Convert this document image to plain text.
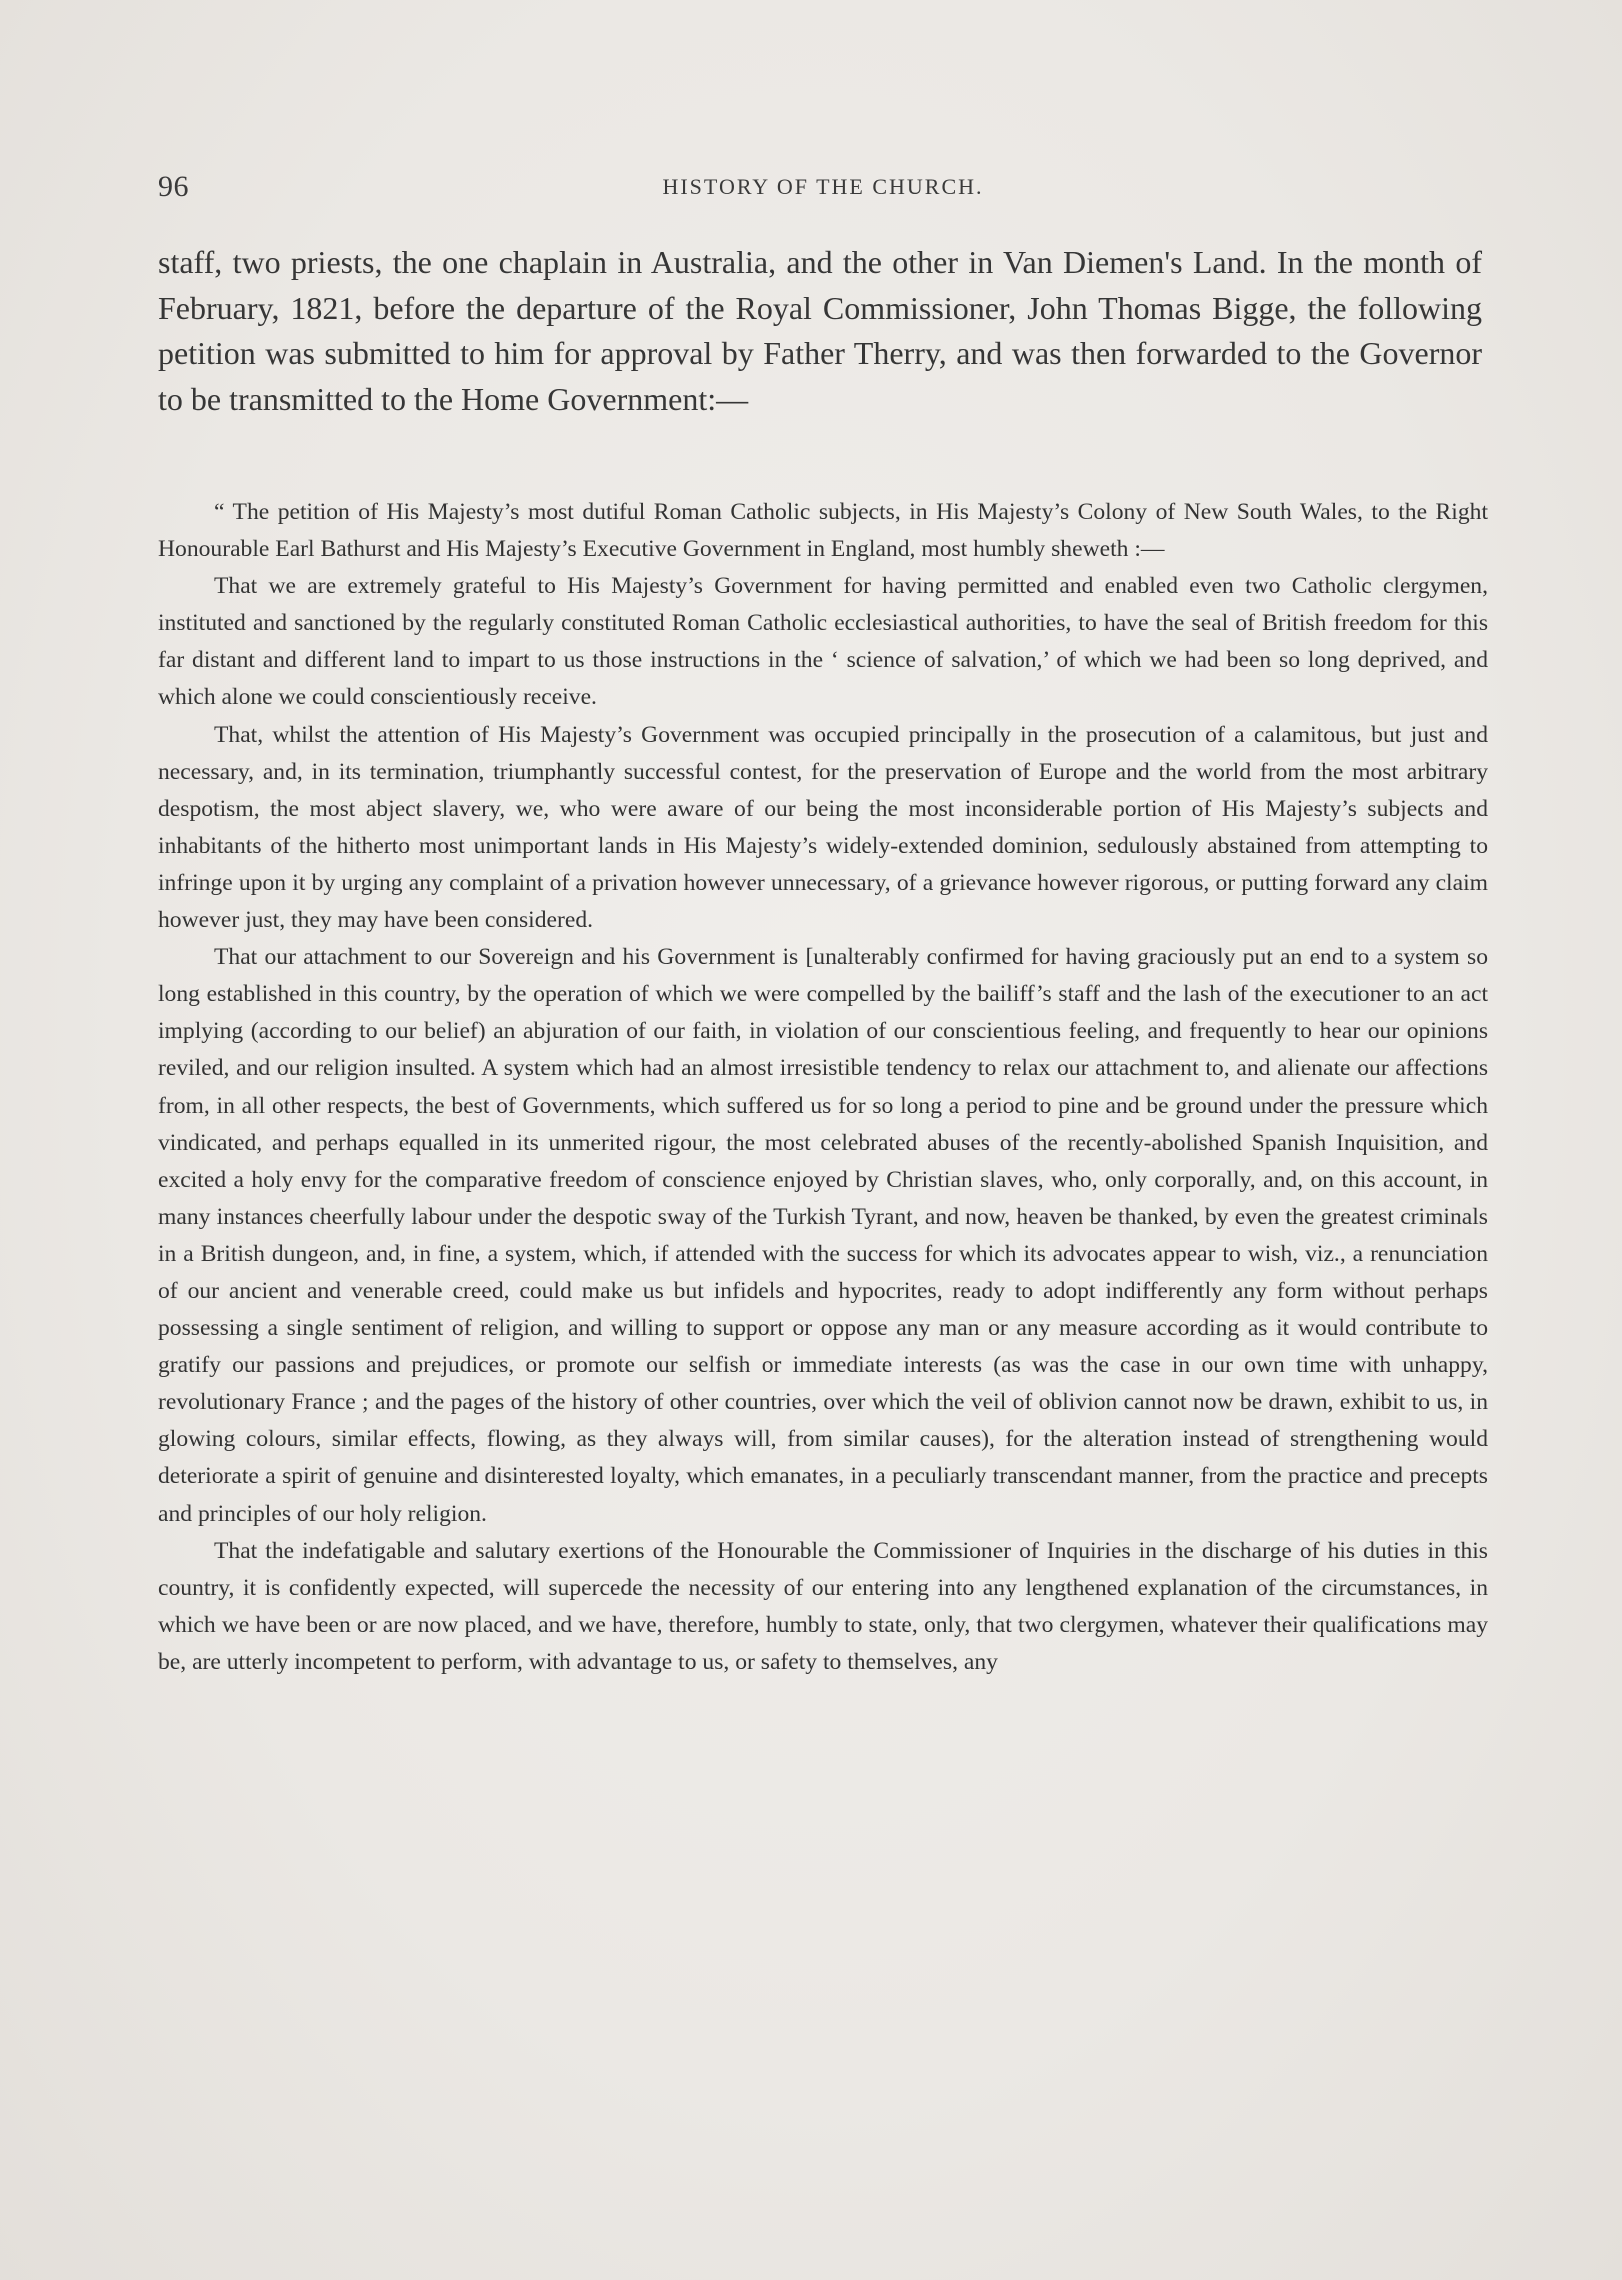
96	HISTORY OF THE CHURCH.
staff, two priests, the one chaplain in Australia, and the other in Van Diemen's Land. In the month of February, 1821, before the departure of the Royal Commissioner, John Thomas Bigge, the following petition was submitted to him for approval by Father Therry, and was then forwarded to the Governor to be transmitted to the Home Government:—

“ The petition of His Majesty’s most dutiful Roman Catholic subjects, in His Majesty’s Colony of New South Wales, to the Right Honourable Earl Bathurst and His Majesty’s Executive Government in England, most humbly sheweth :—

That we are extremely grateful to His Majesty’s Government for having permitted and enabled even two Catholic clergymen, instituted and sanctioned by the regularly constituted Roman Catholic ecclesiastical authorities, to have the seal of British freedom for this far distant and different land to impart to us those instructions in the ‘ science of salvation,’ of which we had been so long deprived, and which alone we could conscientiously receive.

That, whilst the attention of His Majesty’s Government was occupied principally in the prosecution of a calamitous, but just and necessary, and, in its termination, triumphantly successful contest, for the preservation of Europe and the world from the most arbitrary despotism, the most abject slavery, we, who were aware of our being the most inconsiderable portion of His Majesty’s subjects and inhabitants of the hitherto most unimportant lands in His Majesty’s widely-extended dominion, sedulously abstained from attempting to infringe upon it by urging any complaint of a privation however unnecessary, of a grievance however rigorous, or putting forward any claim however just, they may have been considered.

That our attachment to our Sovereign and his Government is [unalterably confirmed for having graciously put an end to a system so long established in this country, by the operation of which we were compelled by the bailiff’s staff and the lash of the executioner to an act implying (according to our belief) an abjuration of our faith, in violation of our conscientious feeling, and frequently to hear our opinions reviled, and our religion insulted. A system which had an almost irresistible tendency to relax our attachment to, and alienate our affections from, in all other respects, the best of Governments, which suffered us for so long a period to pine and be ground under the pressure which vindicated, and perhaps equalled in its unmerited rigour, the most celebrated abuses of the recently-abolished Spanish Inquisition, and excited a holy envy for the comparative freedom of conscience enjoyed by Christian slaves, who, only corporally, and, on this account, in many instances cheerfully labour under the despotic sway of the Turkish Tyrant, and now, heaven be thanked, by even the greatest criminals in a British dungeon, and, in fine, a system, which, if attended with the success for which its advocates appear to wish, viz., a renunciation of our ancient and venerable creed, could make us but infidels and hypocrites, ready to adopt indifferently any form without perhaps possessing a single sentiment of religion, and willing to support or oppose any man or any measure according as it would contribute to gratify our passions and prejudices, or promote our selfish or immediate interests (as was the case in our own time with unhappy, revolutionary France ; and the pages of the history of other countries, over which the veil of oblivion cannot now be drawn, exhibit to us, in glowing colours, similar effects, flowing, as they always will, from similar causes), for the alteration instead of strengthening would deteriorate a spirit of genuine and disinterested loyalty, which emanates, in a peculiarly transcendant manner, from the practice and precepts and principles of our holy religion.

That the indefatigable and salutary exertions of the Honourable the Commissioner of Inquiries in the discharge of his duties in this country, it is confidently expected, will supercede the necessity of our entering into any lengthened explanation of the circumstances, in which we have been or are now placed, and we have, therefore, humbly to state, only, that two clergymen, whatever their qualifications may be, are utterly incompetent to perform, with advantage to us, or safety to themselves, any
